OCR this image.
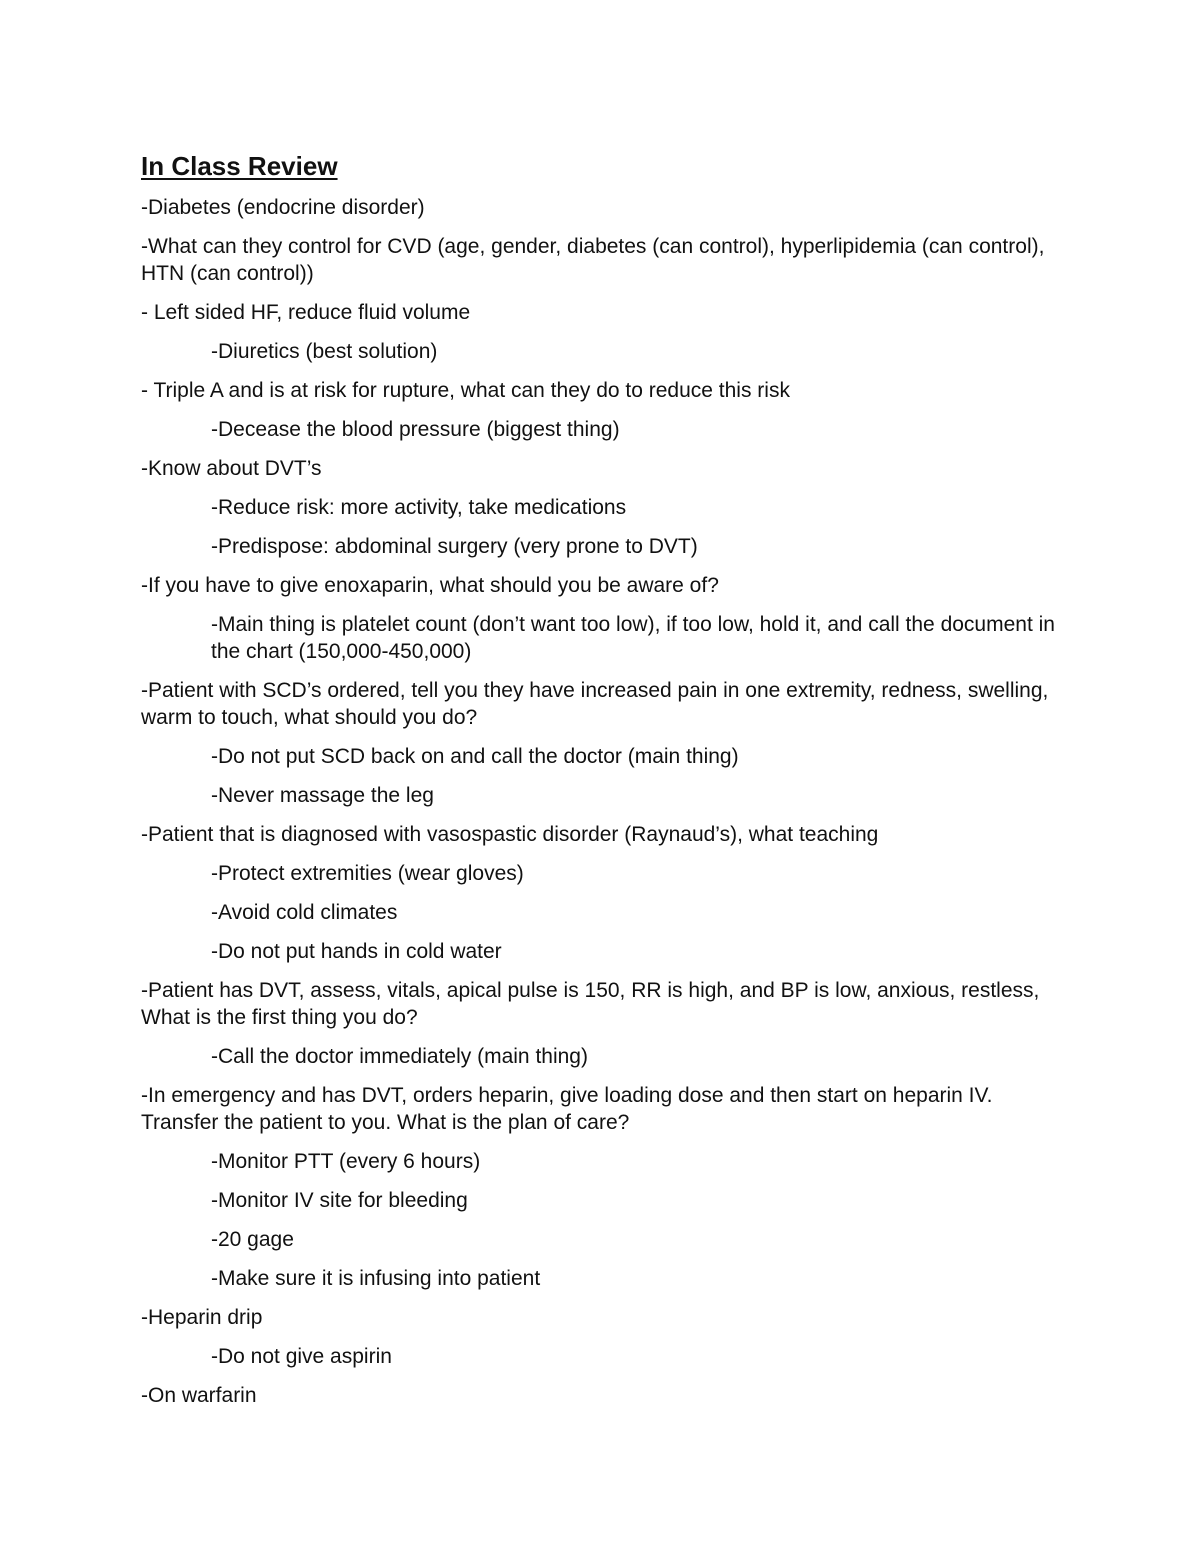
In Class Review
-Diabetes (endocrine disorder)
-What can they control for CVD (age, gender, diabetes (can control), hyperlipidemia (can control), HTN (can control))
- Left sided HF, reduce fluid volume
-Diuretics (best solution)
- Triple A and is at risk for rupture, what can they do to reduce this risk
-Decease the blood pressure (biggest thing)
-Know about DVT’s
-Reduce risk: more activity, take medications
-Predispose: abdominal surgery (very prone to DVT)
-If you have to give enoxaparin, what should you be aware of?
-Main thing is platelet count (don’t want too low), if too low, hold it, and call the document in the chart (150,000-450,000)
-Patient with SCD’s ordered, tell you they have increased pain in one extremity, redness, swelling, warm to touch, what should you do?
-Do not put SCD back on and call the doctor (main thing)
-Never massage the leg
-Patient that is diagnosed with vasospastic disorder (Raynaud’s), what teaching
-Protect extremities (wear gloves)
-Avoid cold climates
-Do not put hands in cold water
-Patient has DVT, assess, vitals, apical pulse is 150, RR is high, and BP is low, anxious, restless, What is the first thing you do?
-Call the doctor immediately (main thing)
-In emergency and has DVT, orders heparin, give loading dose and then start on heparin IV. Transfer the patient to you. What is the plan of care?
-Monitor PTT (every 6 hours)
-Monitor IV site for bleeding
-20 gage
-Make sure it is infusing into patient
-Heparin drip
-Do not give aspirin
-On warfarin
